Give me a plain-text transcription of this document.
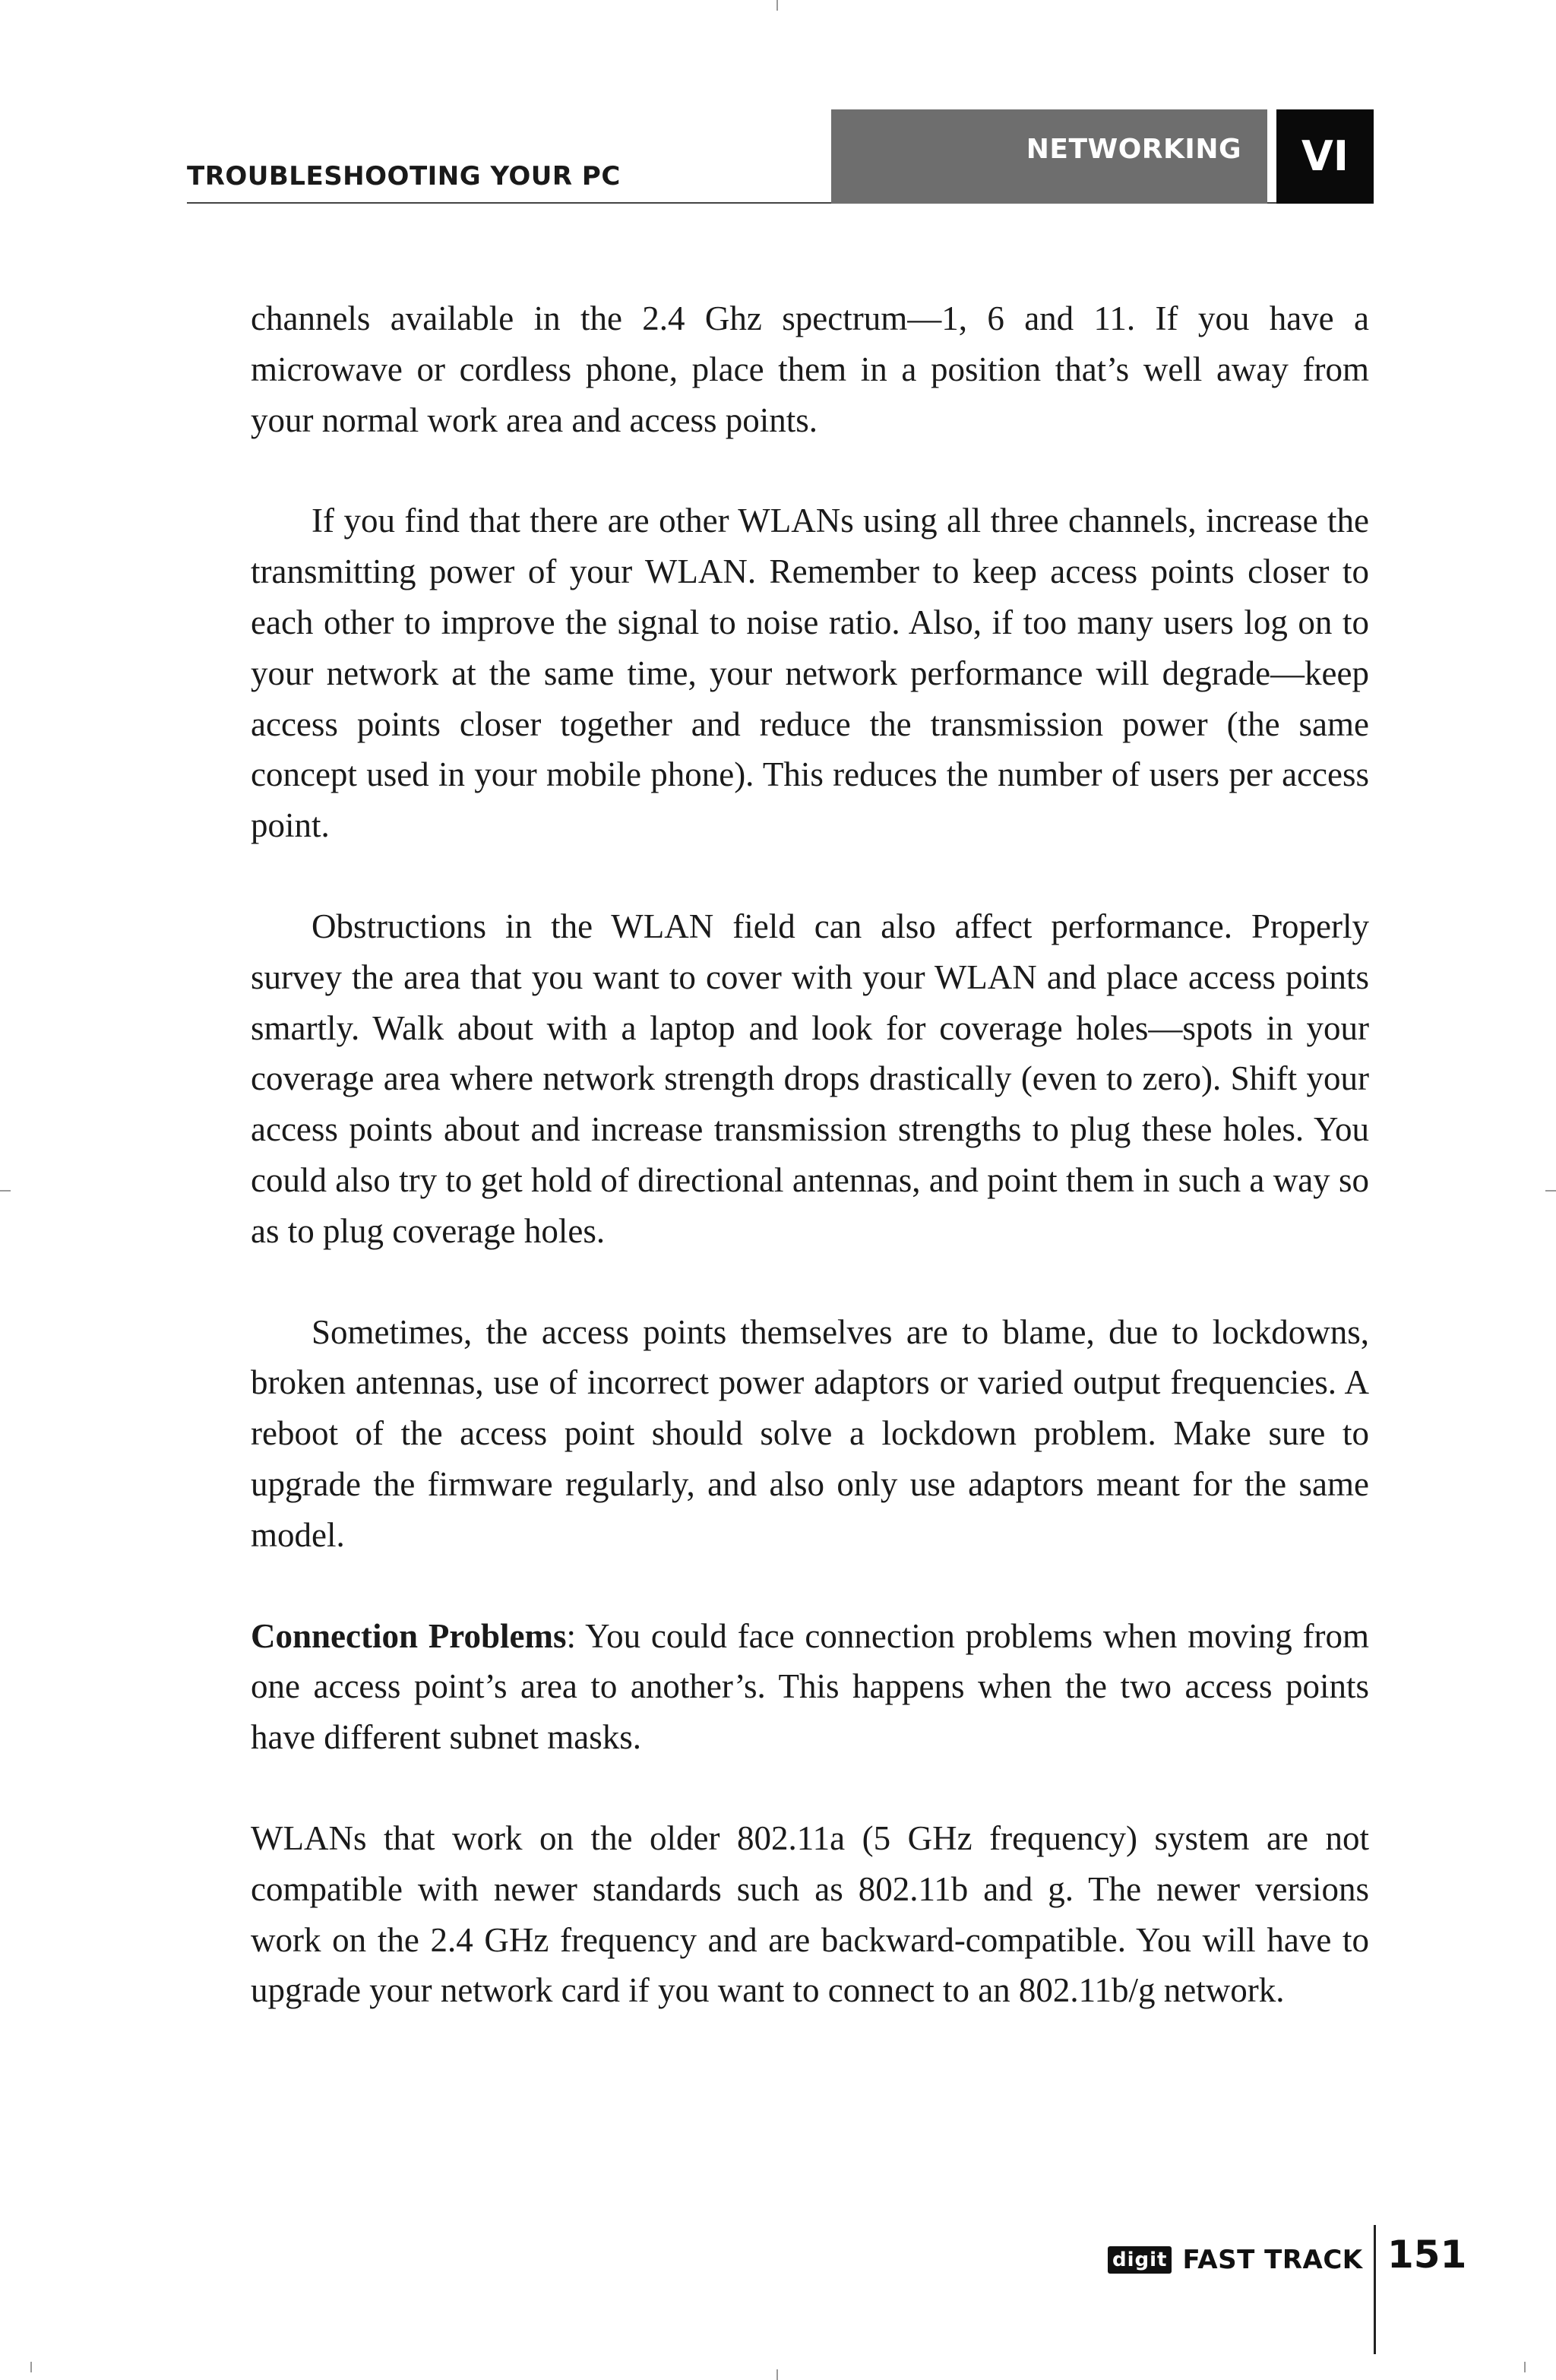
TROUBLESHOOTING YOUR PC
NETWORKING	VI

channels available in the 2.4 Ghz spectrum—1, 6 and 11. If you have a microwave or cordless phone, place them in a position that’s well away from your normal work area and access points.

If you find that there are other WLANs using all three channels, increase the transmitting power of your WLAN. Remember to keep access points closer to each other to improve the signal to noise ratio. Also, if too many users log on to your network at the same time, your network performance will degrade—keep access points closer together and reduce the transmission power (the same concept used in your mobile phone). This reduces the number of users per access point.

Obstructions in the WLAN field can also affect performance. Properly survey the area that you want to cover with your WLAN and place access points smartly. Walk about with a laptop and look for coverage holes—spots in your coverage area where network strength drops drastically (even to zero). Shift your access points about and increase transmission strengths to plug these holes. You could also try to get hold of directional antennas, and point them in such a way so as to plug coverage holes.

Sometimes, the access points themselves are to blame, due to lockdowns, broken antennas, use of incorrect power adaptors or varied output frequencies. A reboot of the access point should solve a lockdown problem. Make sure to upgrade the firmware regularly, and also only use adaptors meant for the same model.

Connection Problems: You could face connection problems when moving from one access point’s area to another’s. This happens when the two access points have different subnet masks.

WLANs that work on the older 802.11a (5 GHz frequency) system are not compatible with newer standards such as 802.11b and g. The newer versions work on the 2.4 GHz frequency and are backward-compatible. You will have to upgrade your network card if you want to connect to an 802.11b/g network.

digit FAST TRACK 151
